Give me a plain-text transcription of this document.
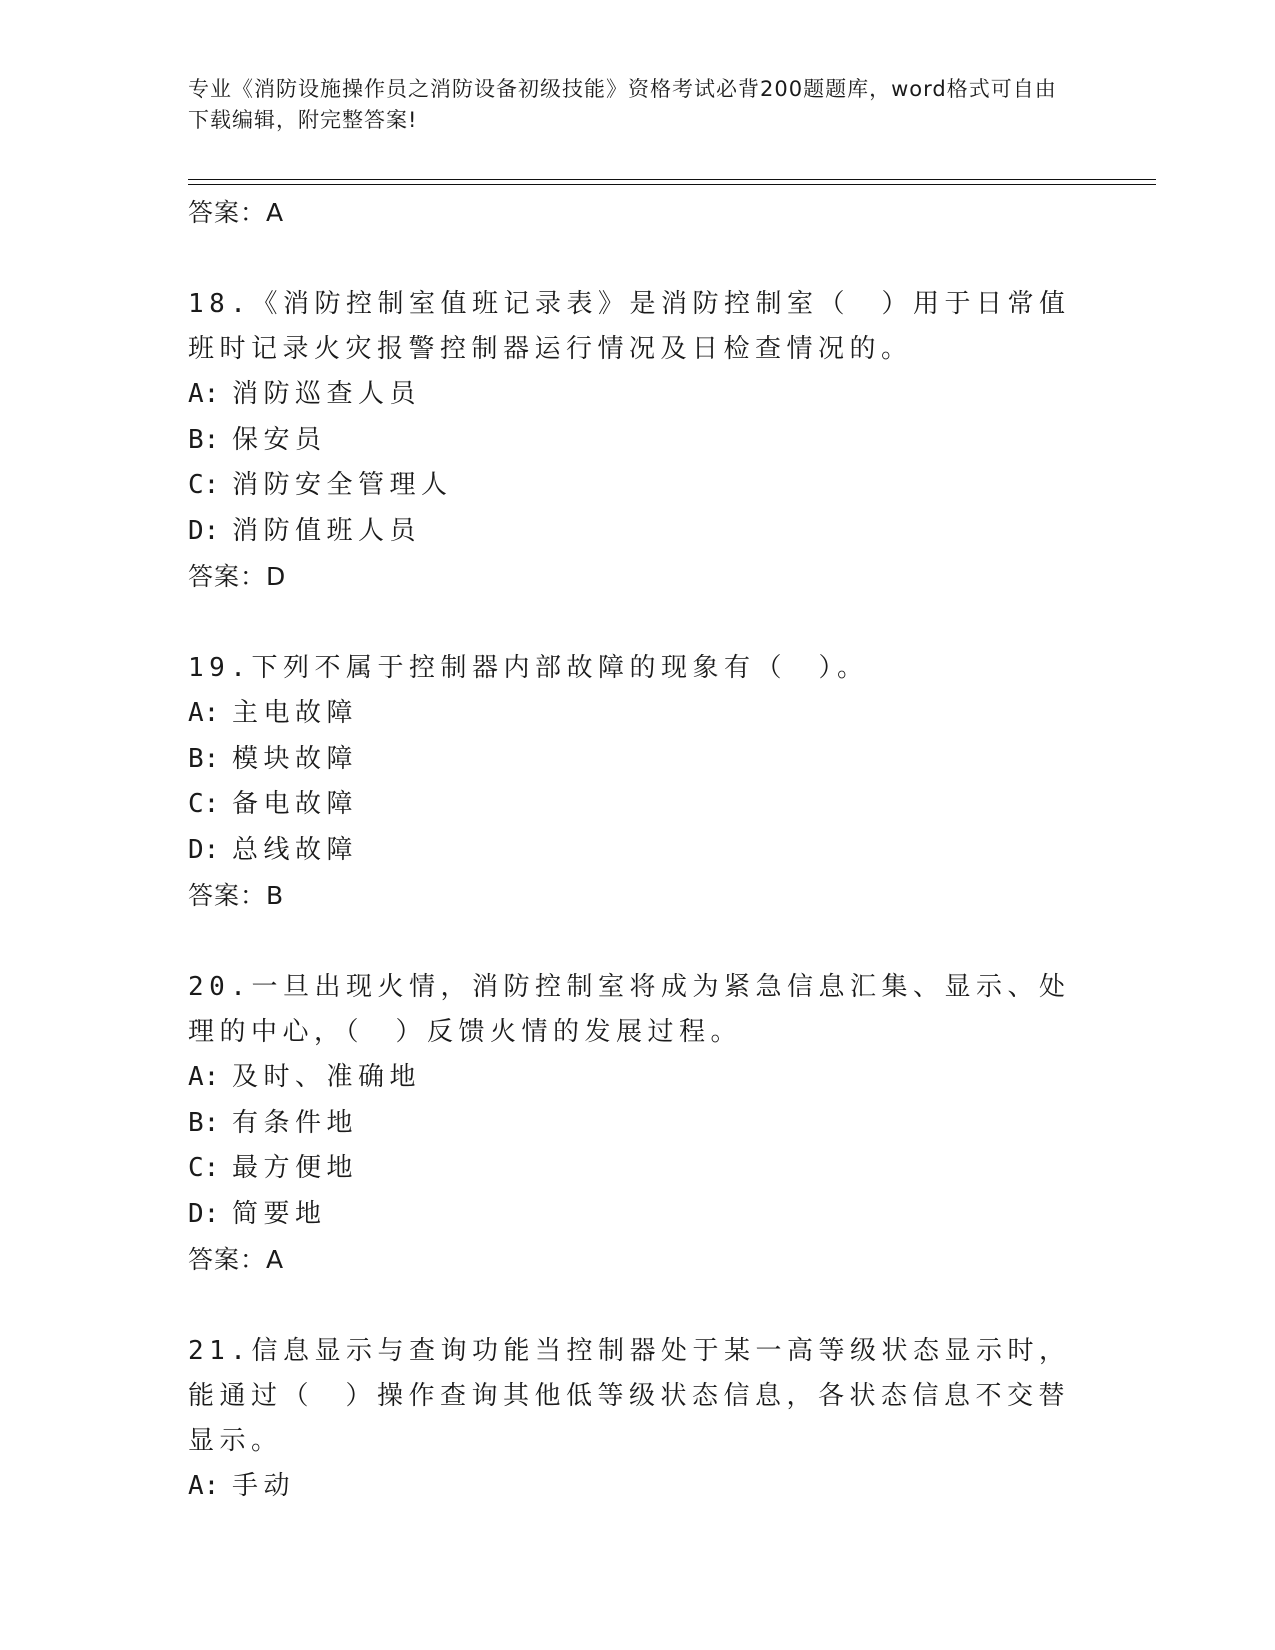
专业《消防设施操作员之消防设备初级技能》资格考试必背200题题库，word格式可自由下载编辑，附完整答案!
答案：A
18.《消防控制室值班记录表》是消防控制室（　）用于日常值班时记录火灾报警控制器运行情况及日检查情况的。
A: 消防巡查人员
B: 保安员
C: 消防安全管理人
D: 消防值班人员
答案：D
19.下列不属于控制器内部故障的现象有（　）。
A: 主电故障
B: 模块故障
C: 备电故障
D: 总线故障
答案：B
20.一旦出现火情，消防控制室将成为紧急信息汇集、显示、处理的中心，（　）反馈火情的发展过程。
A: 及时、准确地
B: 有条件地
C: 最方便地
D: 简要地
答案：A
21.信息显示与查询功能当控制器处于某一高等级状态显示时，能通过（　）操作查询其他低等级状态信息，各状态信息不交替显示。
A: 手动
